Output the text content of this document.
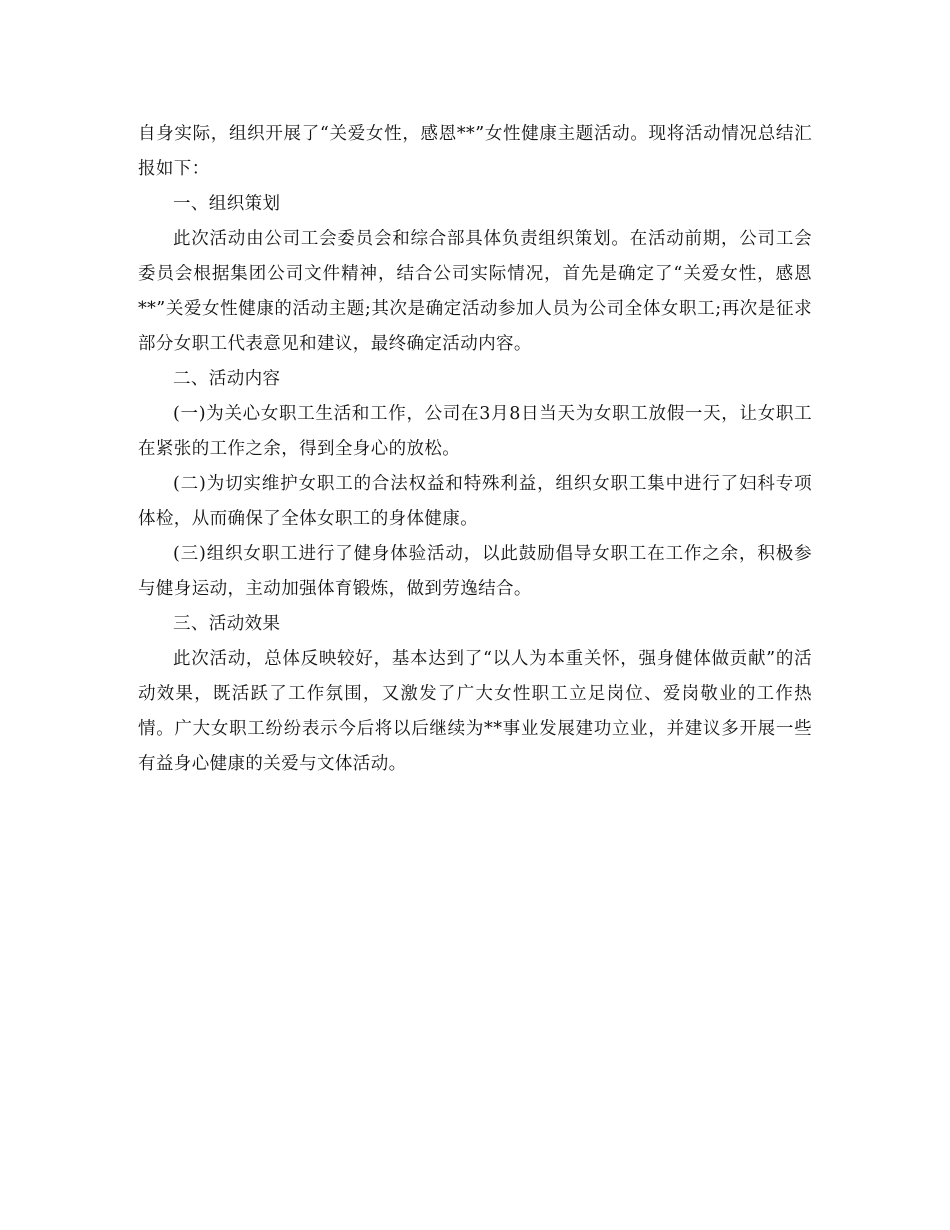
自身实际，组织开展了“关爱女性，感恩**”女性健康主题活动。现将活动情况总结汇报如下：

一、组织策划

此次活动由公司工会委员会和综合部具体负责组织策划。在活动前期，公司工会委员会根据集团公司文件精神，结合公司实际情况，首先是确定了“关爱女性，感恩**”关爱女性健康的活动主题;其次是确定活动参加人员为公司全体女职工;再次是征求部分女职工代表意见和建议，最终确定活动内容。

二、活动内容

(一)为关心女职工生活和工作，公司在3月8日当天为女职工放假一天，让女职工在紧张的工作之余，得到全身心的放松。

(二)为切实维护女职工的合法权益和特殊利益，组织女职工集中进行了妇科专项体检，从而确保了全体女职工的身体健康。

(三)组织女职工进行了健身体验活动，以此鼓励倡导女职工在工作之余，积极参与健身运动，主动加强体育锻炼，做到劳逸结合。

三、活动效果

此次活动，总体反映较好，基本达到了“以人为本重关怀，强身健体做贡献”的活动效果，既活跃了工作氛围，又激发了广大女性职工立足岗位、爱岗敬业的工作热情。广大女职工纷纷表示今后将以后继续为**事业发展建功立业，并建议多开展一些有益身心健康的关爱与文体活动。
